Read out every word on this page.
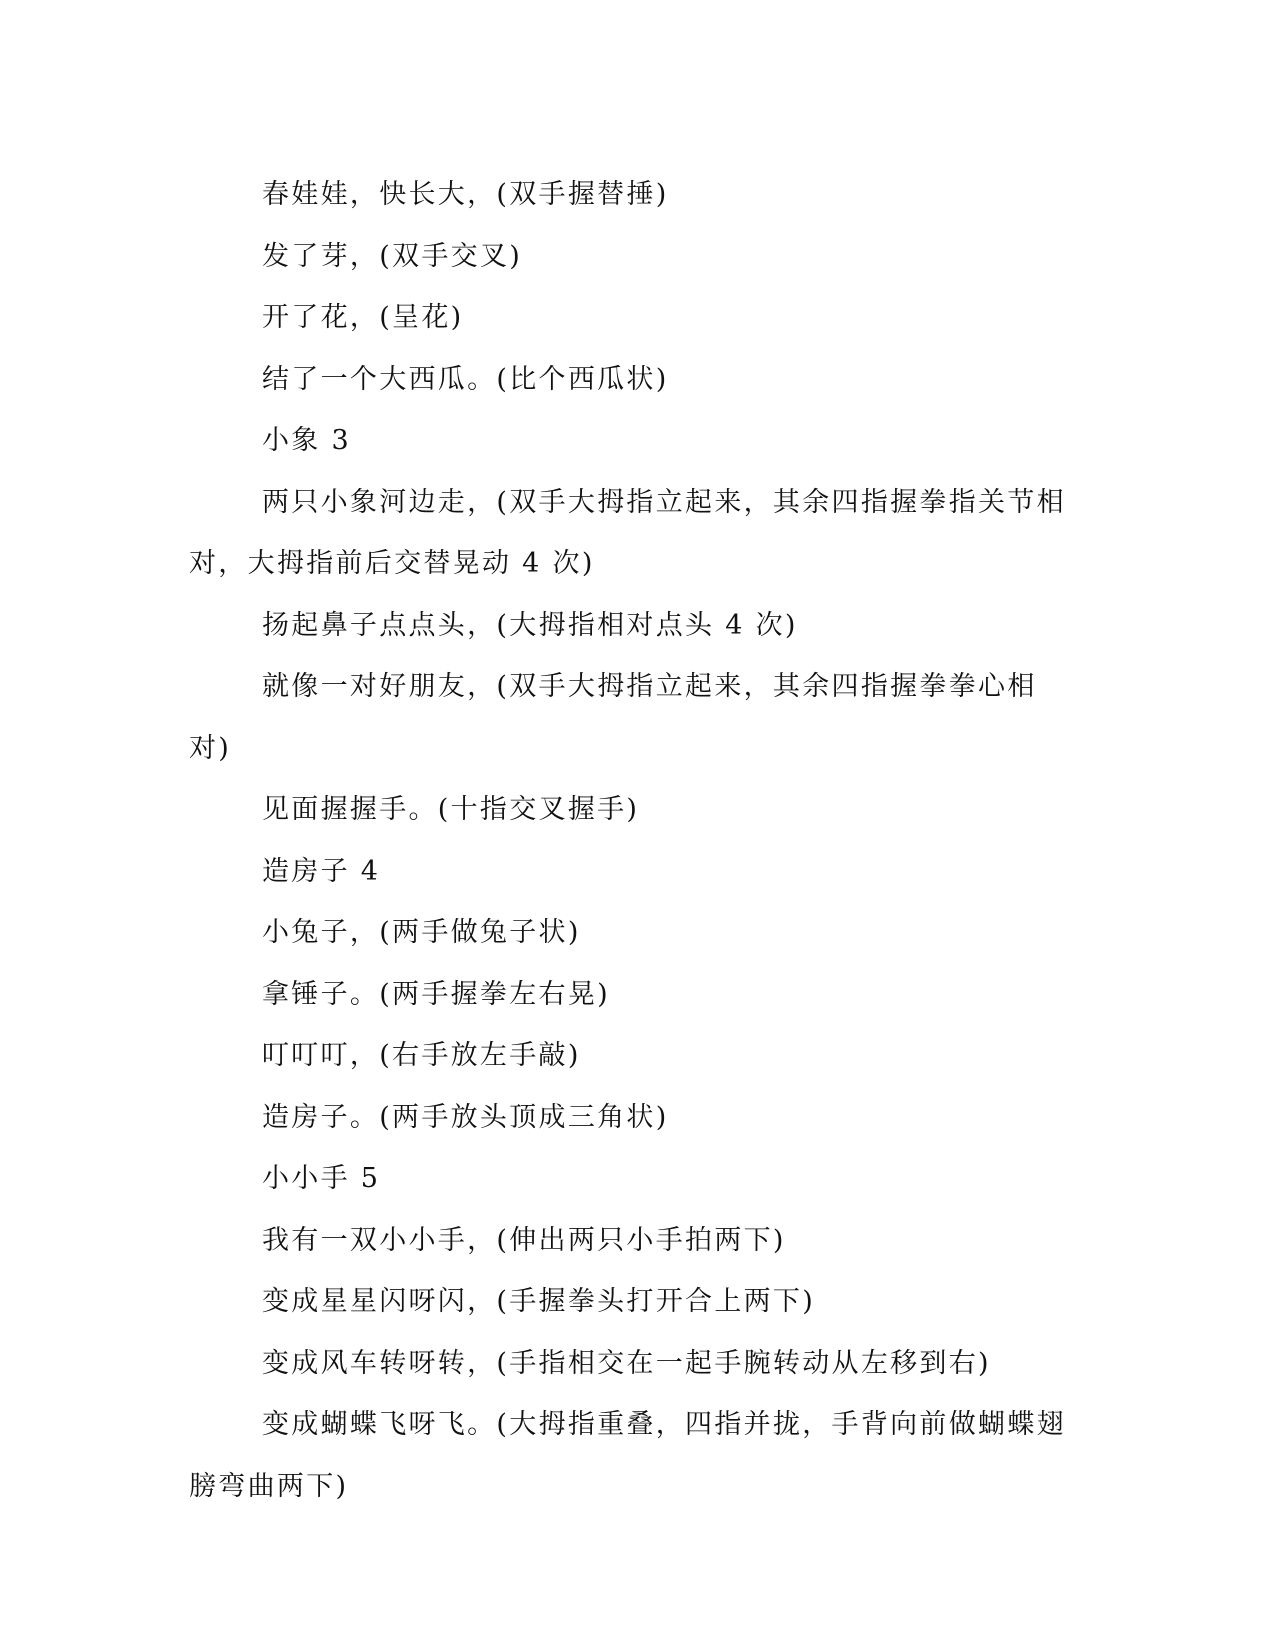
春娃娃，快长大，(双手握替捶)

发了芽，(双手交叉)

开了花，(呈花)

结了一个大西瓜。(比个西瓜状)

小象 3

两只小象河边走，(双手大拇指立起来，其余四指握拳指关节相对，大拇指前后交替晃动 4 次)

扬起鼻子点点头，(大拇指相对点头 4 次)

就像一对好朋友，(双手大拇指立起来，其余四指握拳拳心相对)

见面握握手。(十指交叉握手)

造房子 4

小兔子，(两手做兔子状)

拿锤子。(两手握拳左右晃)

叮叮叮，(右手放左手敲)

造房子。(两手放头顶成三角状)

小小手 5

我有一双小小手，(伸出两只小手拍两下)

变成星星闪呀闪，(手握拳头打开合上两下)

变成风车转呀转，(手指相交在一起手腕转动从左移到右)

变成蝴蝶飞呀飞。(大拇指重叠，四指并拢，手背向前做蝴蝶翅膀弯曲两下)
